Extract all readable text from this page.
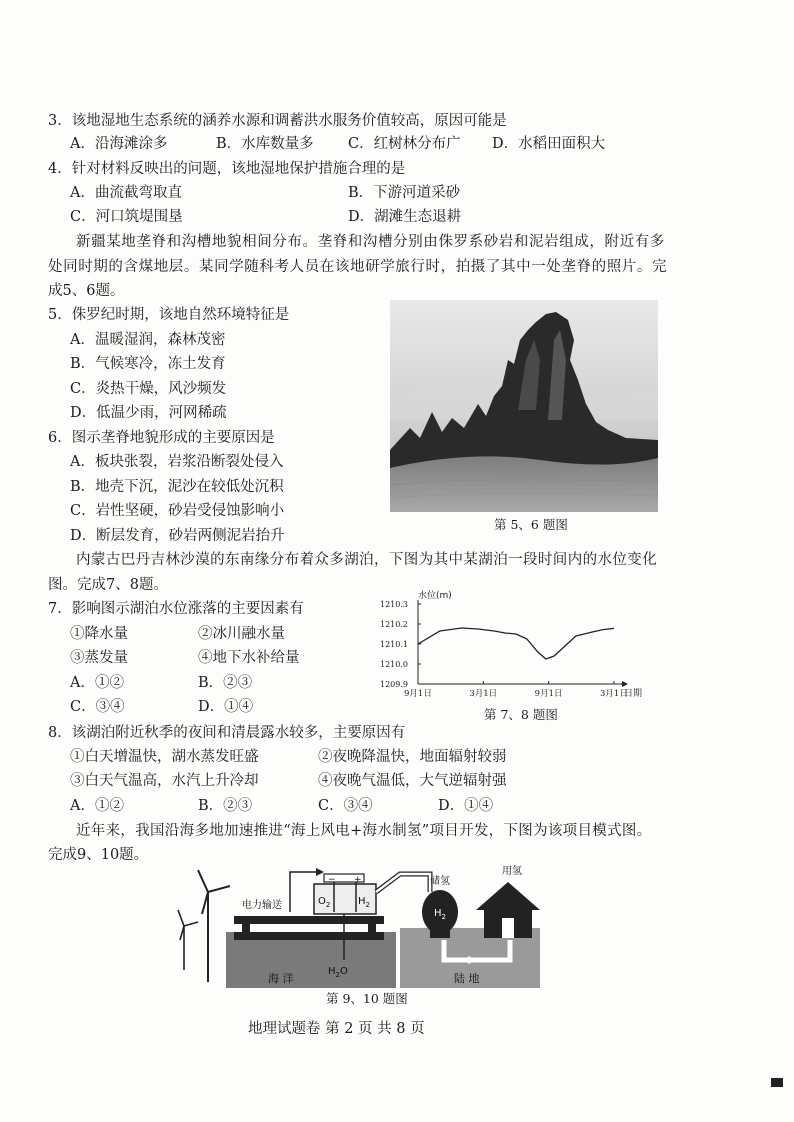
3．该地湿地生态系统的涵养水源和调蓄洪水服务价值较高，原因可能是
A．沿海滩涂多	B．水库数量多 C．红树林分布广 D．水稻田面积大
4．针对材料反映出的问题，该地湿地保护措施合理的是
A．曲流截弯取直	B．下游河道采砂
C．河口筑堤围垦	D．湖滩生态退耕
新疆某地垄脊和沟槽地貌相间分布。垄脊和沟槽分别由侏罗系砂岩和泥岩组成，附近有多
处同时期的含煤地层。某同学随科考人员在该地研学旅行时，拍摄了其中一处垄脊的照片。完
成5、6题。
5．侏罗纪时期，该地自然环境特征是
A．温暖湿润，森林茂密
B．气候寒冷，冻土发育
C．炎热干燥，风沙频发
D．低温少雨，河网稀疏
6．图示垄脊地貌形成的主要原因是
A．板块张裂，岩浆沿断裂处侵入
B．地壳下沉，泥沙在较低处沉积
C．岩性坚硬，砂岩受侵蚀影响小
D．断层发育，砂岩两侧泥岩抬升
第 5、6 题图
内蒙古巴丹吉林沙漠的东南缘分布着众多湖泊，下图为其中某湖泊一段时间内的水位变化
图。完成7、8题。
7．影响图示湖泊水位涨落的主要因素有
①降水量	②冰川融水量
③蒸发量	④地下水补给量
A．①②	B．②③
C．③④	D．①④
水位(m)
日期
1210.3
1210.2
1210.1
1210.0
1209.9
9月1日	3月1日	9月1日	3月1日
第 7、8 题图
8．该湖泊附近秋季的夜间和清晨露水较多，主要原因有
①白天增温快，湖水蒸发旺盛	②夜晚降温快，地面辐射较弱
③白天气温高，水汽上升冷却	④夜晚气温低，大气逆辐射强
A．①②	B．②③	C．③④	D．①④
近年来，我国沿海多地加速推进“海上风电+海水制氢”项目开发，下图为该项目模式图。
完成9、10题。
电力输送
− +
$O_2$	$H_2$
$H_2O$
海 洋
$H_2$
储氢
用氢
陆 地
第 9、10 题图
地理试题卷 第 2 页 共 8 页
